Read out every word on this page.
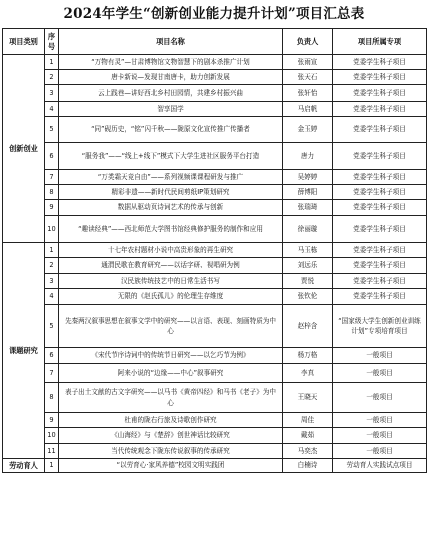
2024年学生“创新创业能力提升计划”项目汇总表
项目类别	序号	项目名称	负责人	项目所属专项
创新创业	1	“万物有灵”—甘肃博物馆文物智慧下的剧本杀推广计划	张雨宣	党委学生科子项目
	2	唐卡新说—发现甘南唐卡，助力创新发展	张天石	党委学生科子项目
	3	云上践巷—讲好西北乡村田园情，共建乡村振兴曲	张轩怡	党委学生科子项目
	4	智享国学	马启帆	党委学生科子项目
	5	“同”砚历史，“铭”闪千秋——陇原文化宣传推广传播者	金玉婷	党委学生科子项目
	6	“服务我”——“线上+线下”模式下大学生进社区服务平台打造	唐力	党委学生科子项目
	7	“万类霜天竞自由”——系列视频课课程研发与推广	吴婷婷	党委学生科子项目
	8	精彩非遗——新时代民间剪纸IP策划研究	薛博阳	党委学生科子项目
	9	数据从驱动页诗词艺术的传承与创新	张瑞琦	党委学生科子项目
	10	“趣读经典”——西北师范大学图书馆经典修护服务的制作和应用	徐丽璇	党委学生科子项目
课题研究	1	十七年农村题材小说中高贵形象的再生研究	马玉栋	党委学生科子项目
	2	通渭民歌在教育研究——以话字研、视唱研为例	刘远乐	党委学生科子项目
	3	汉民族传统技艺中的日常生活书写	贾悦	党委学生科子项目
	4	无限的《赵氏孤儿》的伦理生存维度	张钦伦	党委学生科子项目
	5	先秦两汉叙事思想在叙事文学中的研究——以言语、表现、刻画特质为中心	赵梓含	“国家级大学生创新创业训练计划”专项培育项目
	6	《宋代节序诗词中的传统节日研究——以乞巧节为例》	杨万格	一般项目
	7	阿来小说的“边缘——中心”叙事研究	李真	一般项目
	8	表子出土文献的古文字研究——以马书《黄帝四经》和马书《老子》为中心	王晓天	一般项目
	9	杜甫的陇右行旅及诗歌创作研究	周佳	一般项目
	10	《山海经》与《楚辞》创世神话比较研究	戴茹	一般项目
	11	当代传统观念下陇东传说叙事的传承研究	马奕杰	一般项目
劳动育人	1	“以劳育心·家风养德”校园文明实践团	白楠诗	劳动育人实践试点项目
